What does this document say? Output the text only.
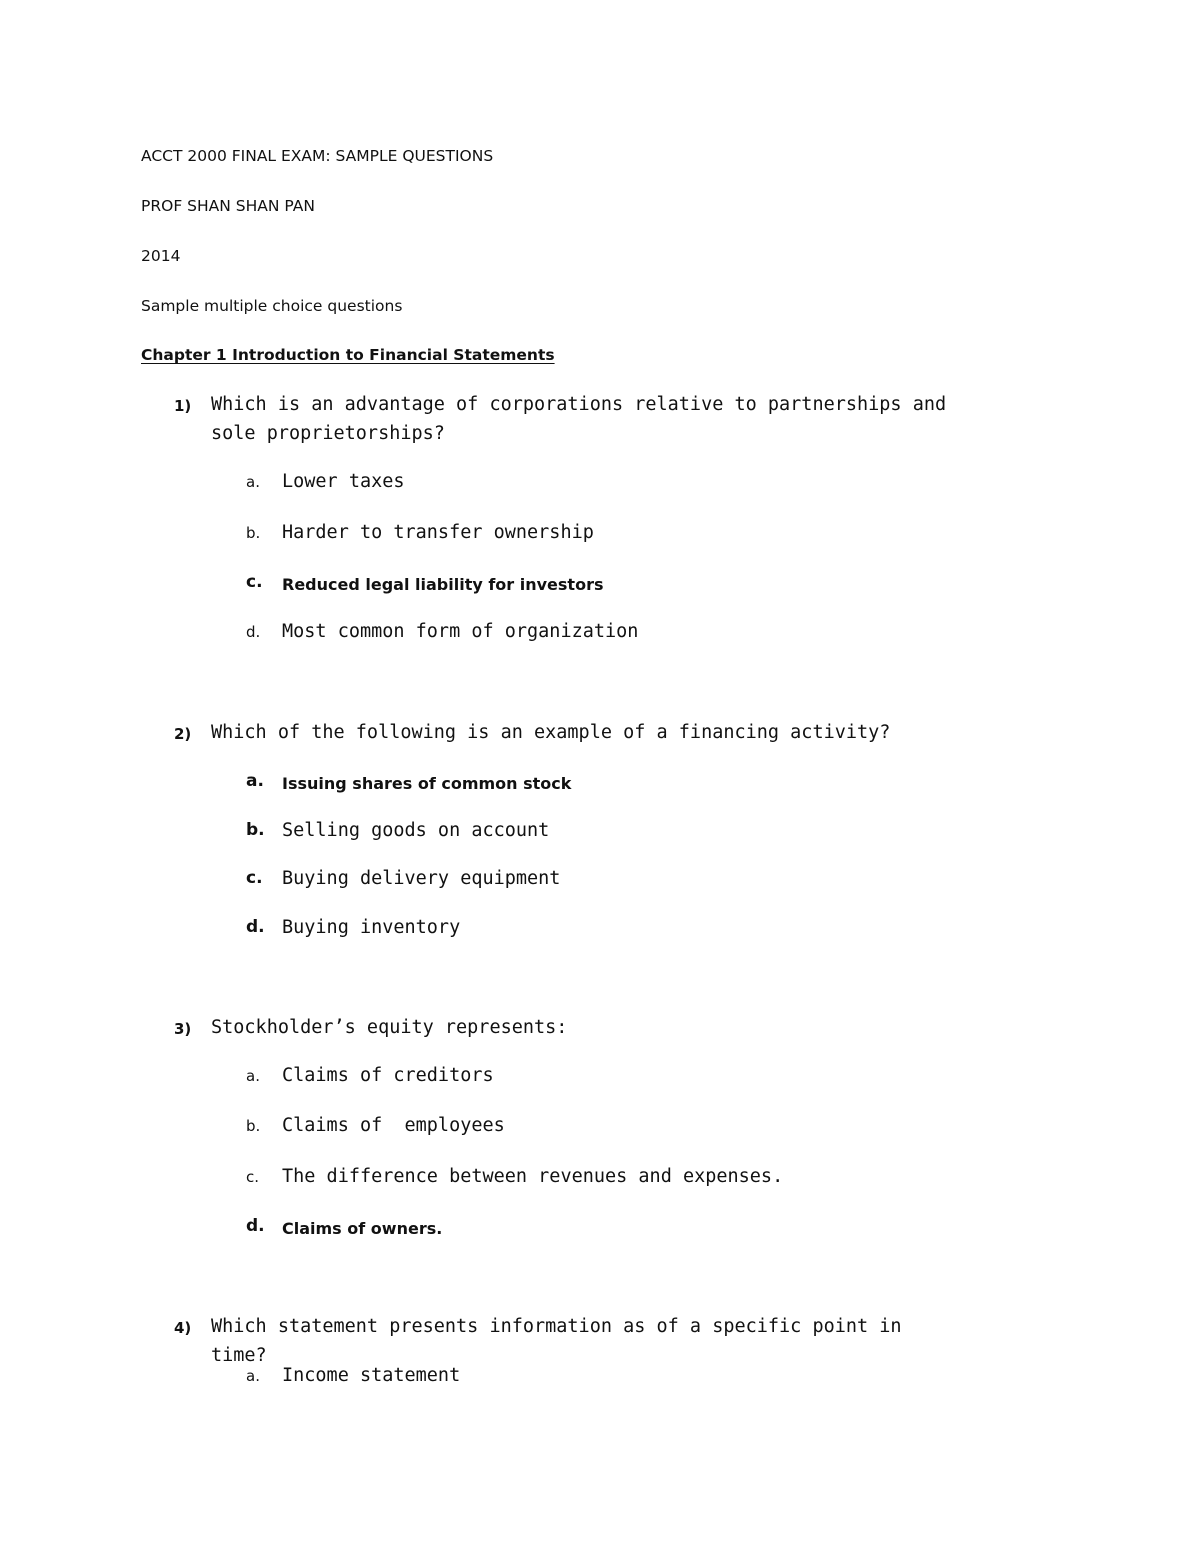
ACCT 2000 FINAL EXAM: SAMPLE QUESTIONS
PROF SHAN SHAN PAN
2014
Sample multiple choice questions
Chapter 1 Introduction to Financial Statements
1) Which is an advantage of corporations relative to partnerships and sole proprietorships?
a. Lower taxes
b. Harder to transfer ownership
c. Reduced legal liability for investors
d. Most common form of organization
2) Which of the following is an example of a financing activity?
a. Issuing shares of common stock
b. Selling goods on account
c. Buying delivery equipment
d. Buying inventory
3) Stockholder’s equity represents:
a. Claims of creditors
b. Claims of  employees
c. The difference between revenues and expenses.
d. Claims of owners.
4) Which statement presents information as of a specific point in time?
a. Income statement
